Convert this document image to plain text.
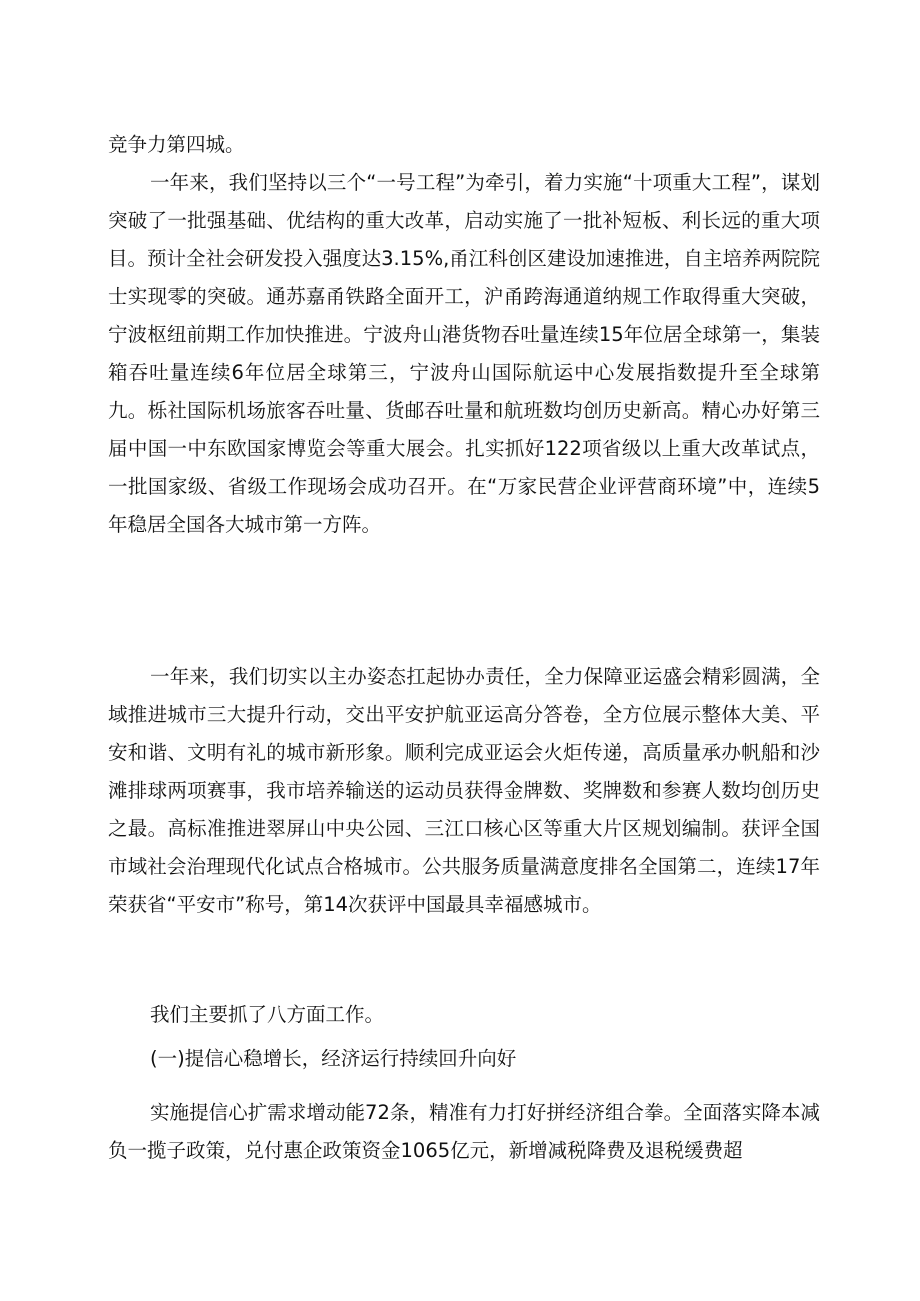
竞争力第四城。

一年来，我们坚持以三个“一号工程”为牵引，着力实施“十项重大工程”，谋划突破了一批强基础、优结构的重大改革，启动实施了一批补短板、利长远的重大项目。预计全社会研发投入强度达3.15%,甬江科创区建设加速推进，自主培养两院院士实现零的突破。通苏嘉甬铁路全面开工，沪甬跨海通道纳规工作取得重大突破，宁波枢纽前期工作加快推进。宁波舟山港货物吞吐量连续15年位居全球第一，集装箱吞吐量连续6年位居全球第三，宁波舟山国际航运中心发展指数提升至全球第九。栎社国际机场旅客吞吐量、货邮吞吐量和航班数均创历史新高。精心办好第三届中国一中东欧国家博览会等重大展会。扎实抓好122项省级以上重大改革试点，一批国家级、省级工作现场会成功召开。在“万家民营企业评营商环境”中，连续5年稳居全国各大城市第一方阵。

一年来，我们切实以主办姿态扛起协办责任，全力保障亚运盛会精彩圆满，全域推进城市三大提升行动，交出平安护航亚运高分答卷，全方位展示整体大美、平安和谐、文明有礼的城市新形象。顺利完成亚运会火炬传递，高质量承办帆船和沙滩排球两项赛事，我市培养输送的运动员获得金牌数、奖牌数和参赛人数均创历史之最。高标准推进翠屏山中央公园、三江口核心区等重大片区规划编制。获评全国市域社会治理现代化试点合格城市。公共服务质量满意度排名全国第二，连续17年荣获省“平安市”称号，第14次获评中国最具幸福感城市。

我们主要抓了八方面工作。

(一)提信心稳增长，经济运行持续回升向好

实施提信心扩需求增动能72条，精准有力打好拼经济组合拳。全面落实降本减负一揽子政策，兑付惠企政策资金1065亿元，新增减税降费及退税缓费超
